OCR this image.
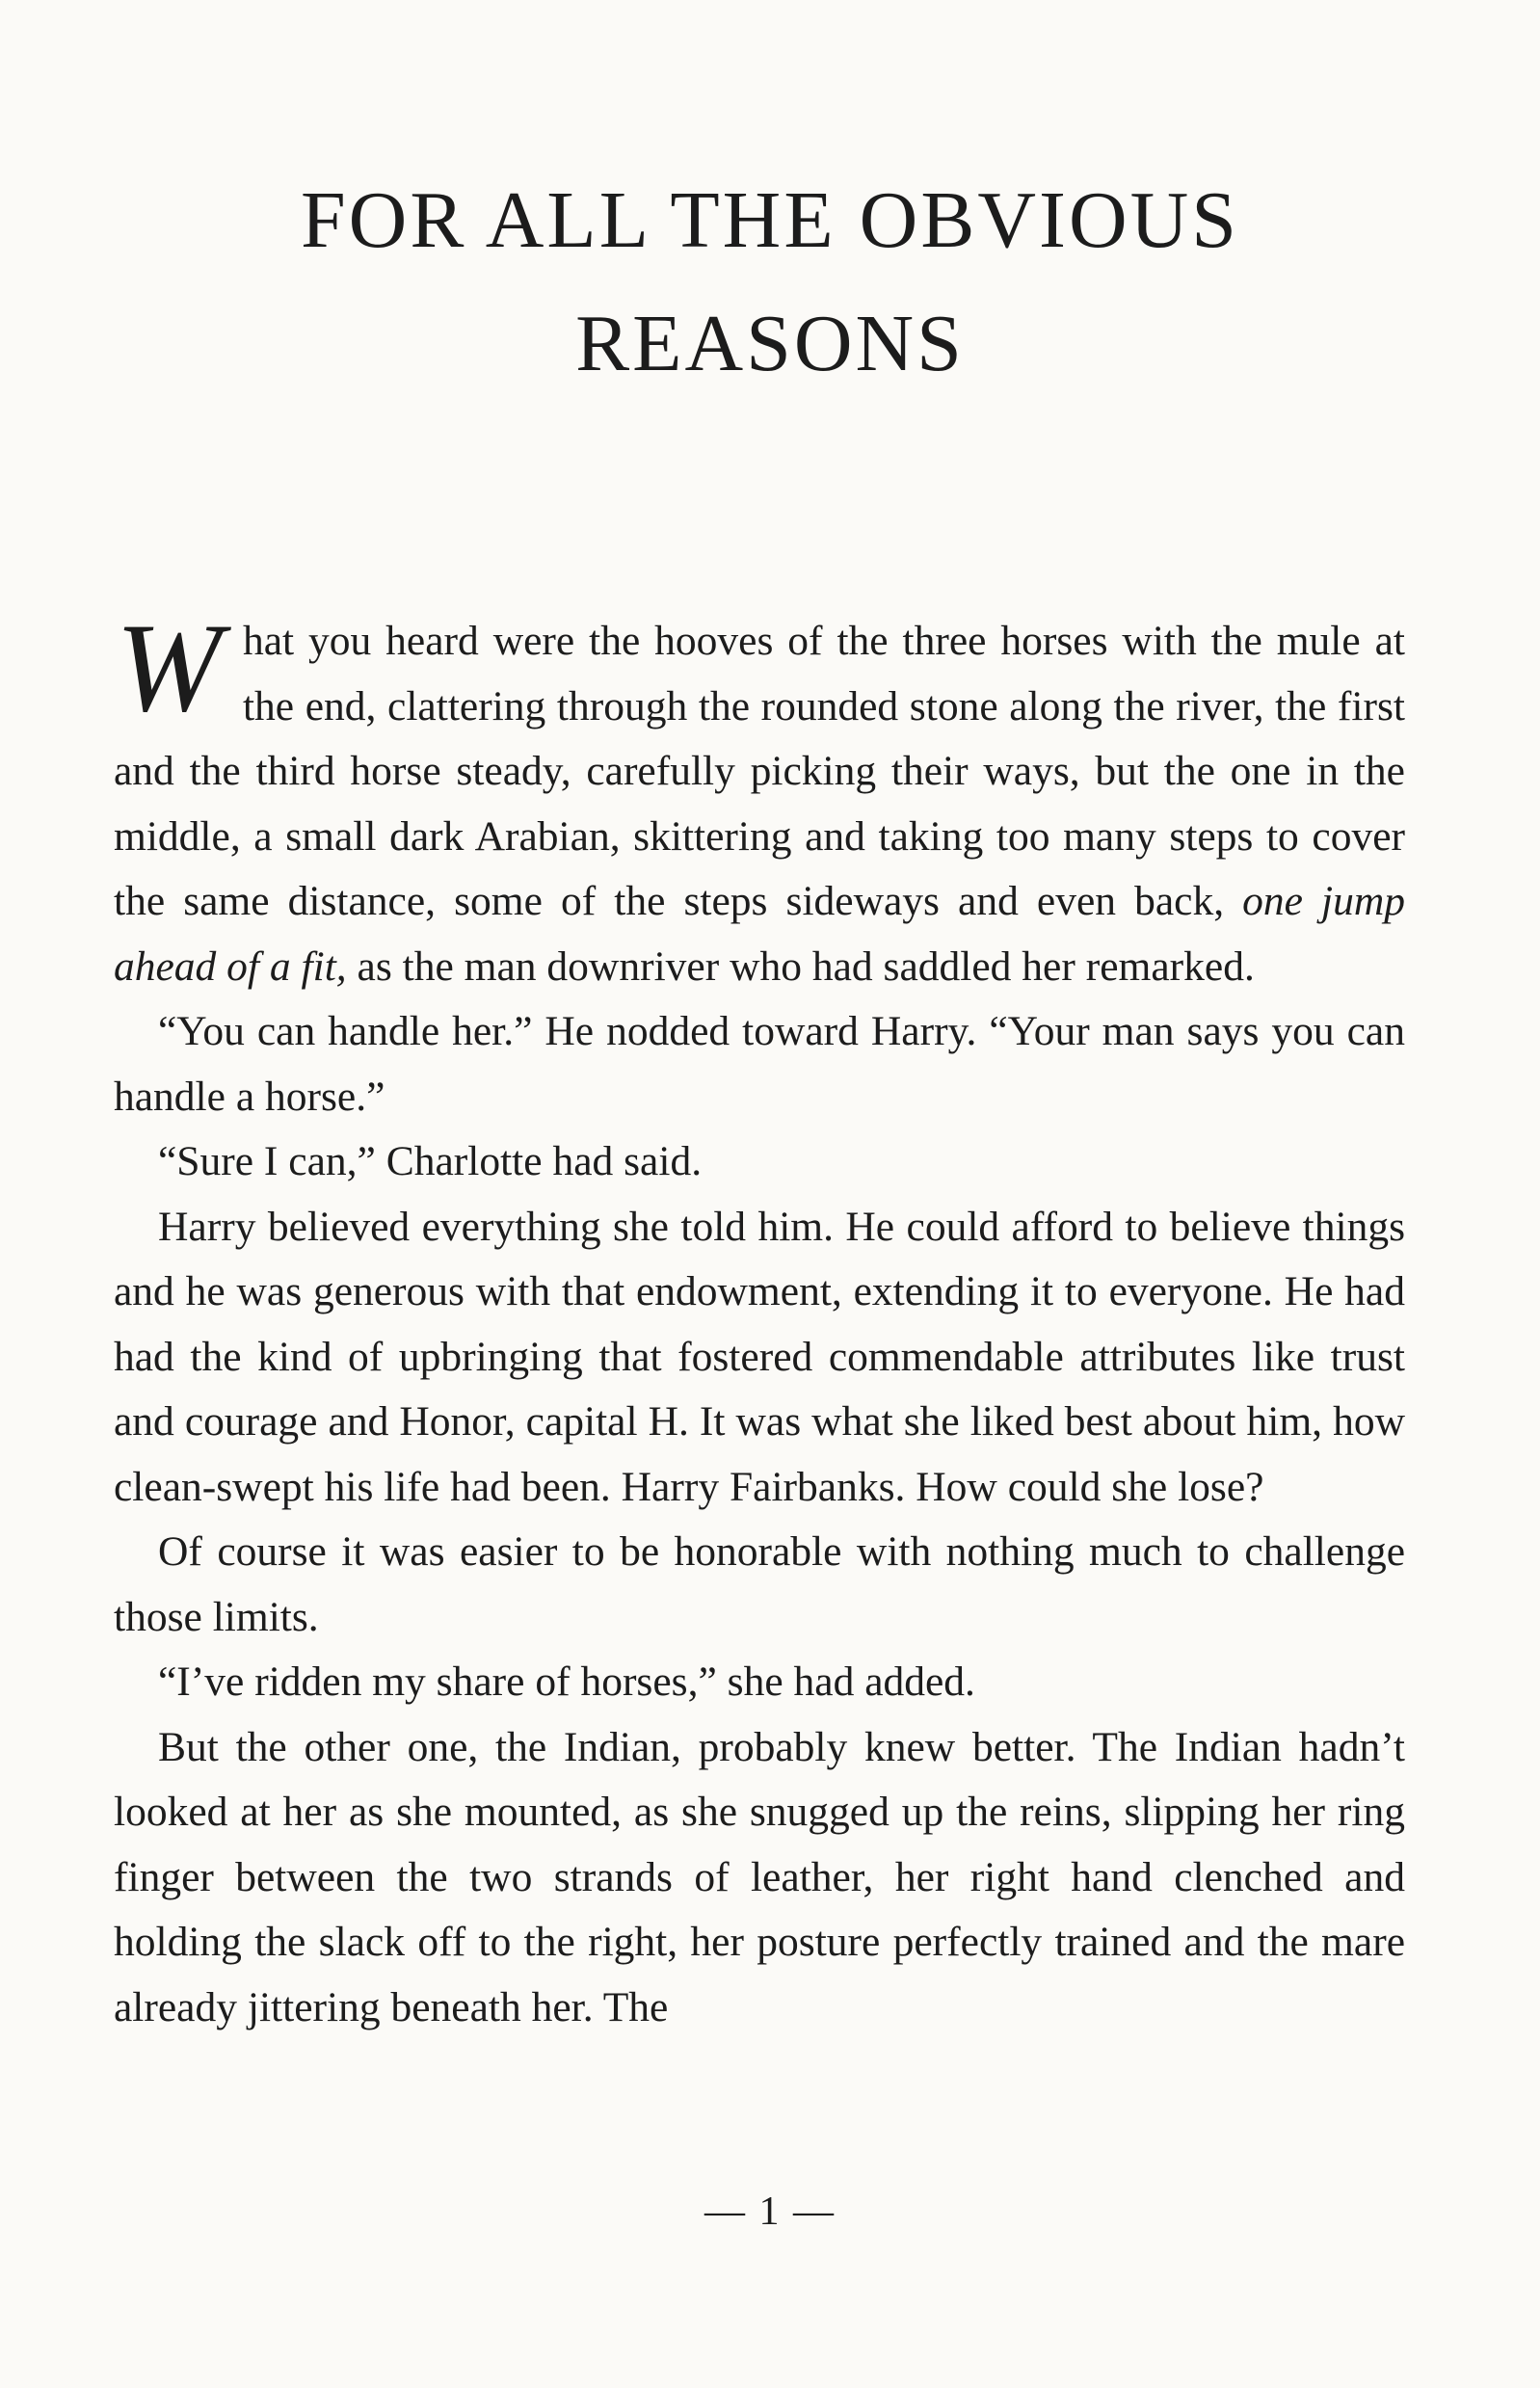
FOR ALL THE OBVIOUS
REASONS

What you heard were the hooves of the three horses with the mule at the end, clattering through the rounded stone along the river, the first and the third horse steady, carefully picking their ways, but the one in the middle, a small dark Arabian, skittering and taking too many steps to cover the same distance, some of the steps sideways and even back, one jump ahead of a fit, as the man downriver who had saddled her remarked.

“You can handle her.” He nodded toward Harry. “Your man says you can handle a horse.”

“Sure I can,” Charlotte had said.

Harry believed everything she told him. He could afford to believe things and he was generous with that endowment, extending it to everyone. He had had the kind of upbringing that fostered commendable attributes like trust and courage and Honor, capital H. It was what she liked best about him, how clean-swept his life had been. Harry Fairbanks. How could she lose?

Of course it was easier to be honorable with nothing much to challenge those limits.

“I’ve ridden my share of horses,” she had added.

But the other one, the Indian, probably knew better. The Indian hadn’t looked at her as she mounted, as she snugged up the reins, slipping her ring finger between the two strands of leather, her right hand clenched and holding the slack off to the right, her posture perfectly trained and the mare already jittering beneath her. The

— 1 —
